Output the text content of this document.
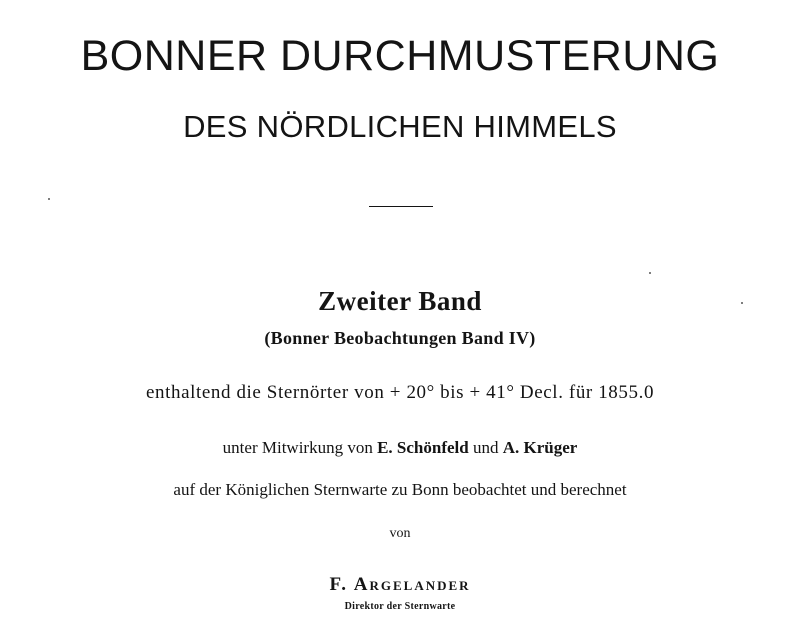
BONNER DURCHMUSTERUNG
DES NÖRDLICHEN HIMMELS
Zweiter Band
(Bonner Beobachtungen Band IV)
enthaltend die Sternörter von + 20° bis + 41° Decl. für 1855.0
unter Mitwirkung von E. Schönfeld und A. Krüger
auf der Königlichen Sternwarte zu Bonn beobachtet und berechnet
von
F. Argelander
Direktor der Sternwarte
